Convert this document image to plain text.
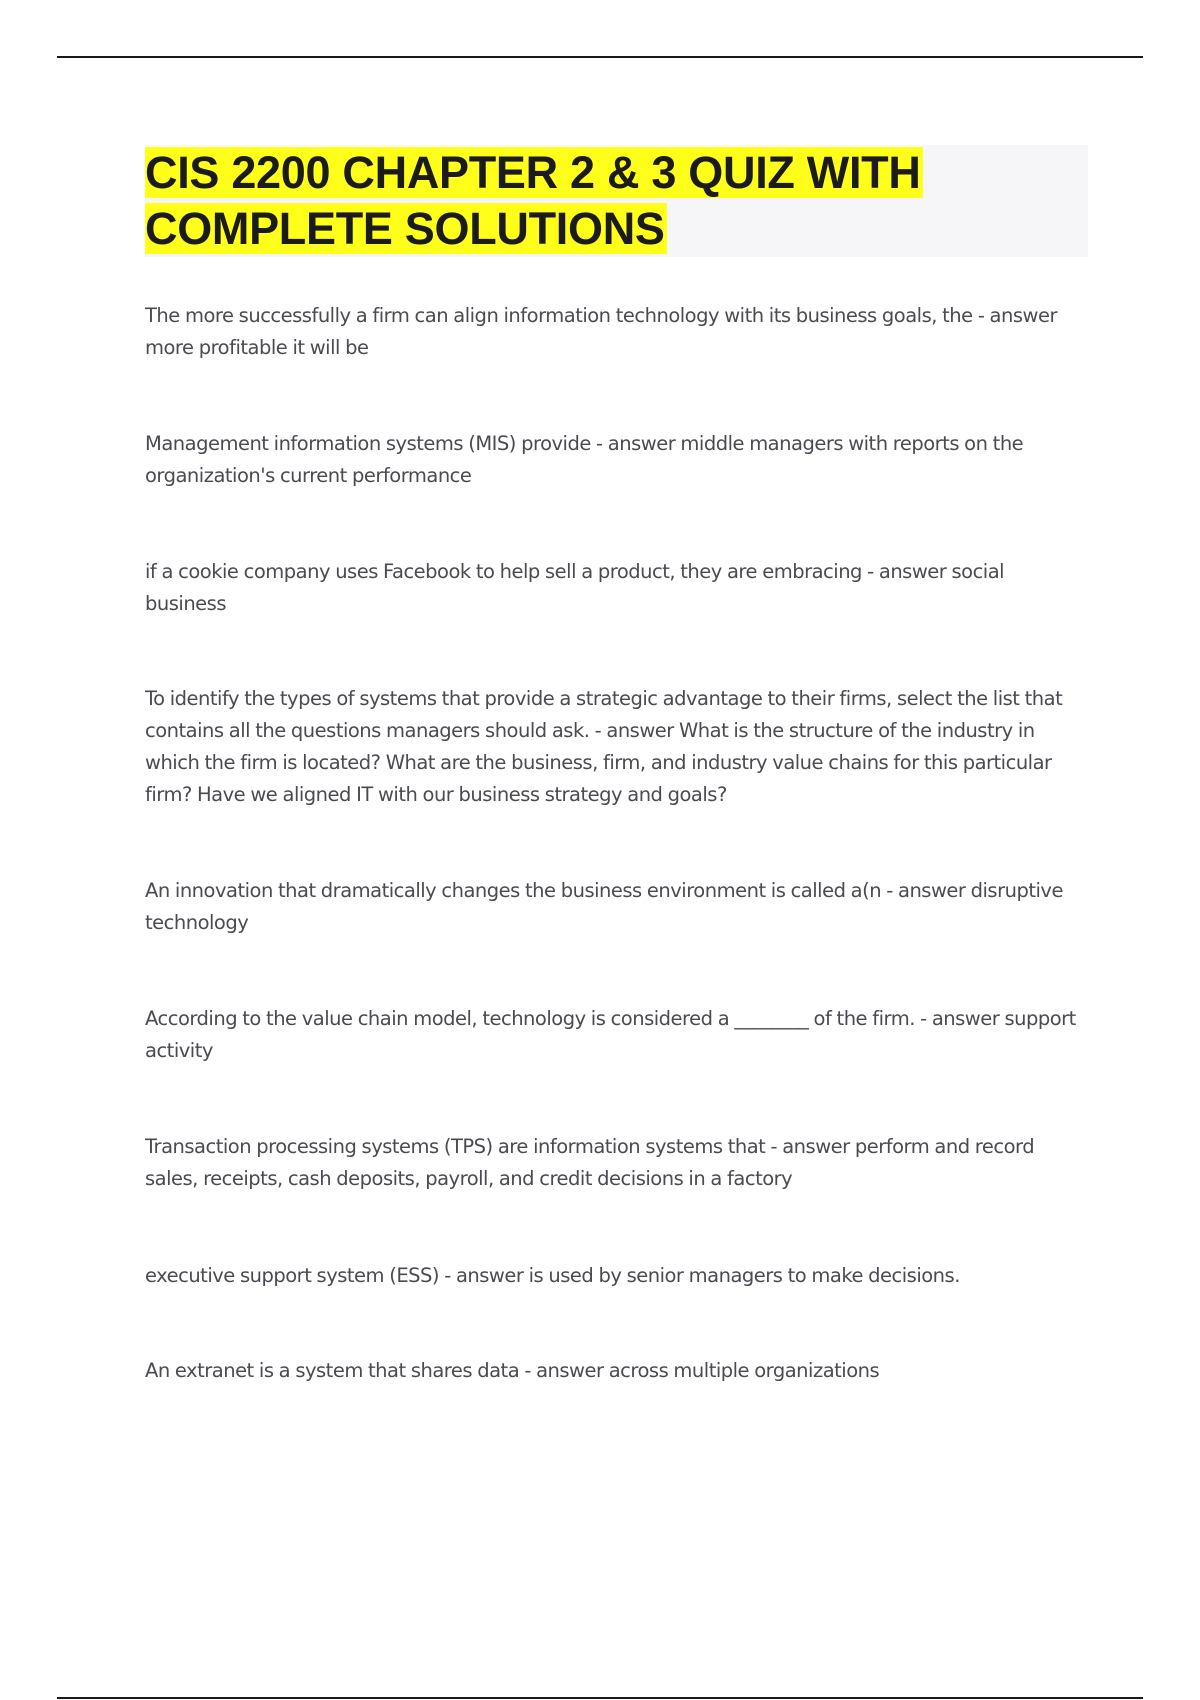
CIS 2200 CHAPTER 2 & 3 QUIZ WITH COMPLETE SOLUTIONS

The more successfully a firm can align information technology with its business goals, the - answer more profitable it will be

Management information systems (MIS) provide - answer middle managers with reports on the organization's current performance

if a cookie company uses Facebook to help sell a product, they are embracing - answer social business

To identify the types of systems that provide a strategic advantage to their firms, select the list that contains all the questions managers should ask. - answer What is the structure of the industry in which the firm is located? What are the business, firm, and industry value chains for this particular firm? Have we aligned IT with our business strategy and goals?

An innovation that dramatically changes the business environment is called a(n - answer disruptive technology

According to the value chain model, technology is considered a ________ of the firm. - answer support activity

Transaction processing systems (TPS) are information systems that - answer perform and record sales, receipts, cash deposits, payroll, and credit decisions in a factory

executive support system (ESS) - answer is used by senior managers to make decisions.

An extranet is a system that shares data - answer across multiple organizations
